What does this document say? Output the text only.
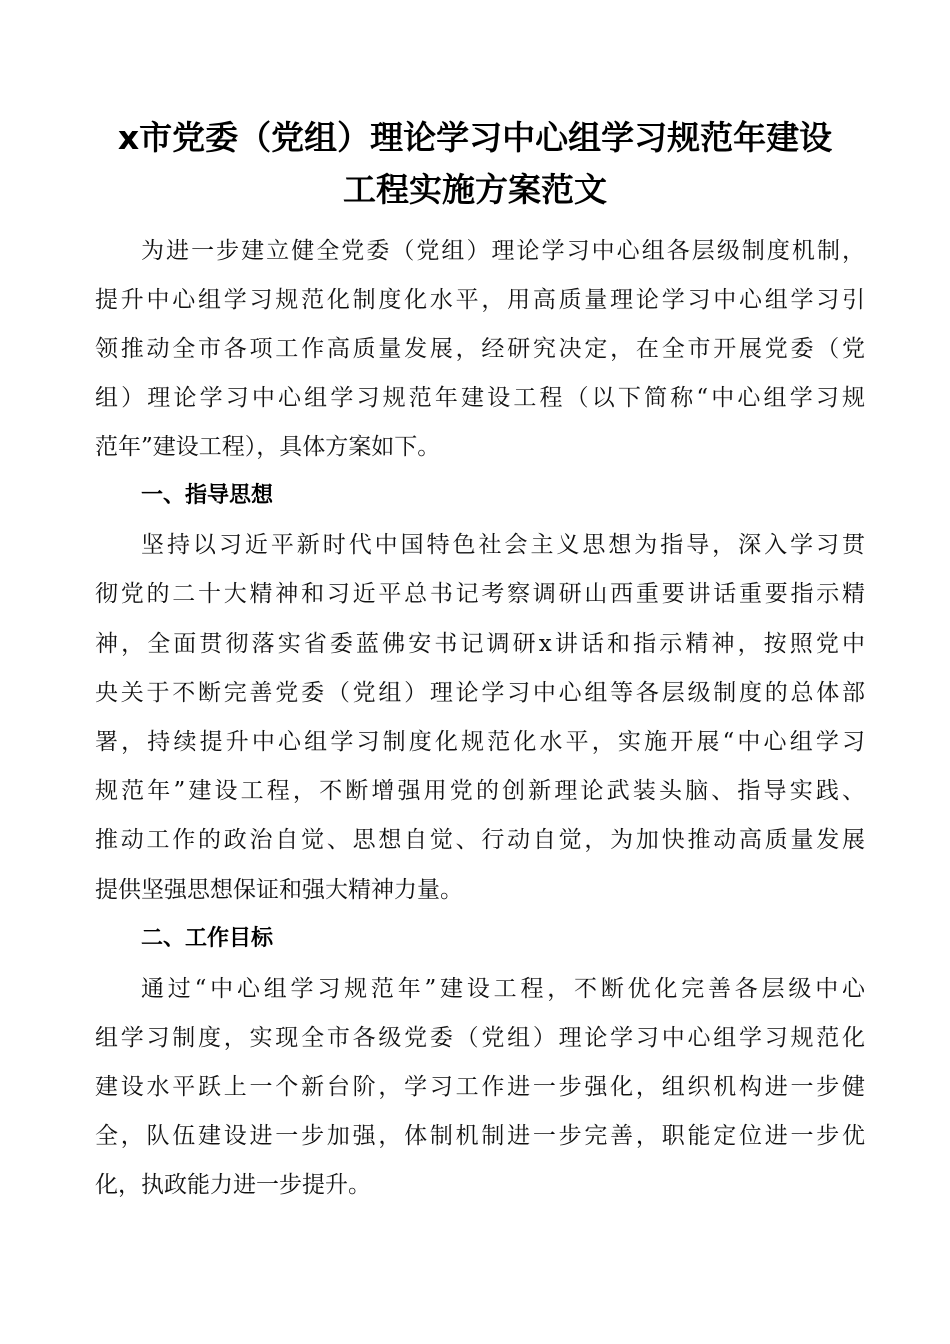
x市党委（党组）理论学习中心组学习规范年建设
工程实施方案范文
为进一步建立健全党委（党组）理论学习中心组各层级制度机制，
提升中心组学习规范化制度化水平，用高质量理论学习中心组学习引
领推动全市各项工作高质量发展，经研究决定，在全市开展党委（党
组）理论学习中心组学习规范年建设工程（以下简称“中心组学习规
范年”建设工程），具体方案如下。
一、指导思想
坚持以习近平新时代中国特色社会主义思想为指导，深入学习贯
彻党的二十大精神和习近平总书记考察调研山西重要讲话重要指示精
神，全面贯彻落实省委蓝佛安书记调研x讲话和指示精神，按照党中
央关于不断完善党委（党组）理论学习中心组等各层级制度的总体部
署，持续提升中心组学习制度化规范化水平，实施开展“中心组学习
规范年”建设工程，不断增强用党的创新理论武装头脑、指导实践、
推动工作的政治自觉、思想自觉、行动自觉，为加快推动高质量发展
提供坚强思想保证和强大精神力量。
二、工作目标
通过“中心组学习规范年”建设工程，不断优化完善各层级中心
组学习制度，实现全市各级党委（党组）理论学习中心组学习规范化
建设水平跃上一个新台阶，学习工作进一步强化，组织机构进一步健
全，队伍建设进一步加强，体制机制进一步完善，职能定位进一步优
化，执政能力进一步提升。
